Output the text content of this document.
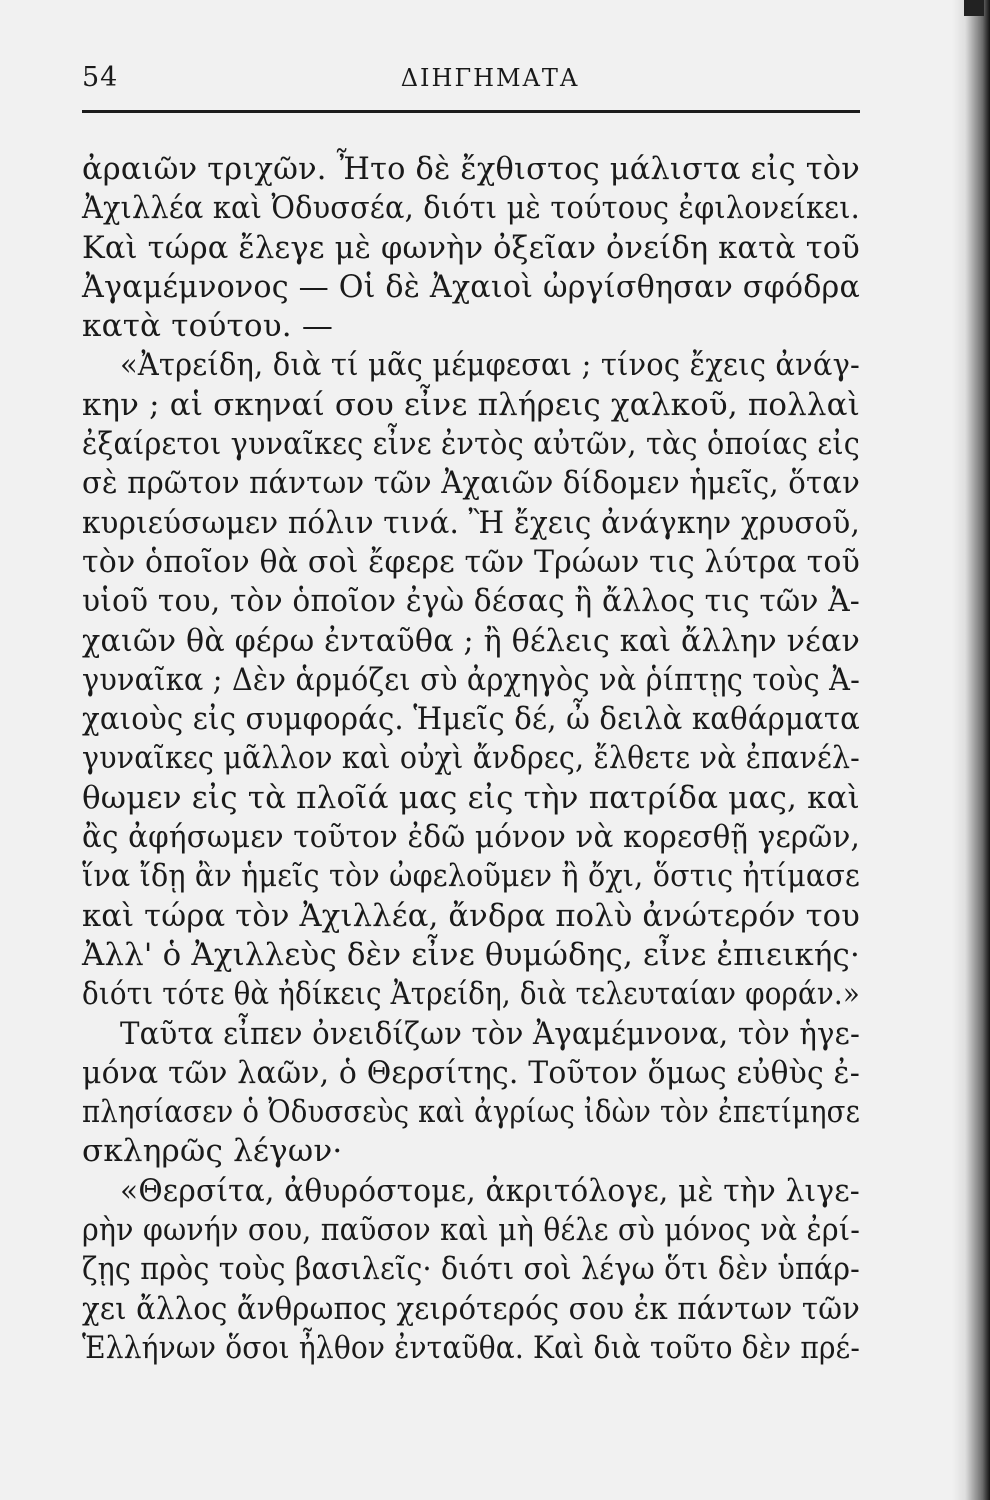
54	ΔΙΗΓΗΜΑΤΑ
ἀραιῶν τριχῶν. Ἦτο δὲ ἔχθιστος μάλιστα εἰς τὸν
Ἀχιλλέα καὶ Ὀδυσσέα, διότι μὲ τούτους ἐφιλονείκει.
Καὶ τώρα ἔλεγε μὲ φωνὴν ὀξεῖαν ὀνείδη κατὰ τοῦ
Ἀγαμέμνονος — Οἱ δὲ Ἀχαιοὶ ὠργίσθησαν σφόδρα
κατὰ τούτου. —
«Ἀτρείδη, διὰ τί μᾶς μέμφεσαι ; τίνος ἔχεις ἀνάγ-
κην ; αἱ σκηναί σου εἶνε πλήρεις χαλκοῦ, πολλαὶ
ἐξαίρετοι γυναῖκες εἶνε ἐντὸς αὐτῶν, τὰς ὁποίας εἰς
σὲ πρῶτον πάντων τῶν Ἀχαιῶν δίδομεν ἡμεῖς, ὅταν
κυριεύσωμεν πόλιν τινά. Ἢ ἔχεις ἀνάγκην χρυσοῦ,
τὸν ὁποῖον θὰ σοὶ ἔφερε τῶν Τρώων τις λύτρα τοῦ
υἱοῦ του, τὸν ὁποῖον ἐγὼ δέσας ἢ ἄλλος τις τῶν Ἀ-
χαιῶν θὰ φέρω ἐνταῦθα ; ἢ θέλεις καὶ ἄλλην νέαν
γυναῖκα ; Δὲν ἁρμόζει σὺ ἀρχηγὸς νὰ ῥίπτῃς τοὺς Ἀ-
χαιοὺς εἰς συμφοράς. Ἡμεῖς δέ, ὦ δειλὰ καθάρματα
γυναῖκες μᾶλλον καὶ οὐχὶ ἄνδρες, ἔλθετε νὰ ἐπανέλ-
θωμεν εἰς τὰ πλοῖά μας εἰς τὴν πατρίδα μας, καὶ
ἂς ἀφήσωμεν τοῦτον ἐδῶ μόνον νὰ κορεσθῇ γερῶν,
ἵνα ἴδῃ ἂν ἡμεῖς τὸν ὠφελοῦμεν ἢ ὄχι, ὅστις ἠτίμασε
καὶ τώρα τὸν Ἀχιλλέα, ἄνδρα πολὺ ἀνώτερόν του
Ἀλλ' ὁ Ἀχιλλεὺς δὲν εἶνε θυμώδης, εἶνε ἐπιεικής·
διότι τότε θὰ ἠδίκεις Ἀτρείδη, διὰ τελευταίαν φοράν.»
Ταῦτα εἶπεν ὀνειδίζων τὸν Ἀγαμέμνονα, τὸν ἡγε-
μόνα τῶν λαῶν, ὁ Θερσίτης. Τοῦτον ὅμως εὐθὺς ἐ-
πλησίασεν ὁ Ὀδυσσεὺς καὶ ἀγρίως ἰδὼν τὸν ἐπετίμησε
σκληρῶς λέγων·
«Θερσίτα, ἀθυρόστομε, ἀκριτόλογε, μὲ τὴν λιγε-
ρὴν φωνήν σου, παῦσον καὶ μὴ θέλε σὺ μόνος νὰ ἐρί-
ζῃς πρὸς τοὺς βασιλεῖς· διότι σοὶ λέγω ὅτι δὲν ὑπάρ-
χει ἄλλος ἄνθρωπος χειρότερός σου ἐκ πάντων τῶν
Ἑλλήνων ὅσοι ἦλθον ἐνταῦθα. Καὶ διὰ τοῦτο δὲν πρέ-
